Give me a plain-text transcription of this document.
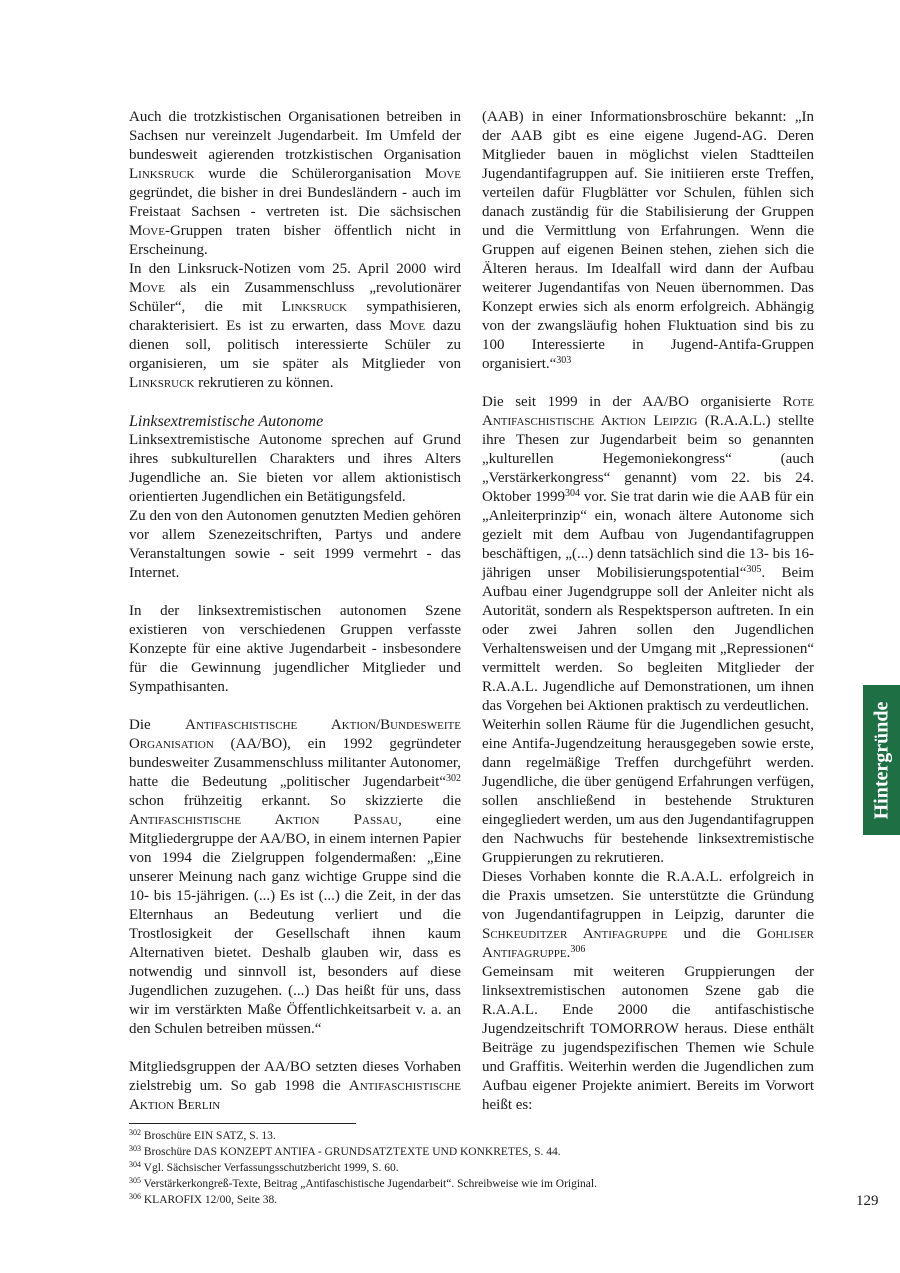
Auch die trotzkistischen Organisationen betreiben in Sachsen nur vereinzelt Jugendarbeit. Im Umfeld der bundesweit agierenden trotzkistischen Organisation Linksruck wurde die Schülerorganisation Move gegründet, die bisher in drei Bundesländern - auch im Freistaat Sachsen - vertreten ist. Die sächsischen Move-Gruppen traten bisher öffentlich nicht in Erscheinung.

In den Linksruck-Notizen vom 25. April 2000 wird Move als ein Zusammenschluss „revolutionärer Schüler“, die mit Linksruck sympathisieren, charakterisiert. Es ist zu erwarten, dass Move dazu dienen soll, politisch interessierte Schüler zu organisieren, um sie später als Mitglieder von Linksruck rekrutieren zu können.

Linksextremistische Autonome

Linksextremistische Autonome sprechen auf Grund ihres subkulturellen Charakters und ihres Alters Jugendliche an. Sie bieten vor allem aktionistisch orientierten Jugendlichen ein Betätigungsfeld.

Zu den von den Autonomen genutzten Medien gehören vor allem Szenezeitschriften, Partys und andere Veranstaltungen sowie - seit 1999 vermehrt - das Internet.

In der linksextremistischen autonomen Szene existieren von verschiedenen Gruppen verfasste Konzepte für eine aktive Jugendarbeit - insbesondere für die Gewinnung jugendlicher Mitglieder und Sympathisanten.

Die Antifaschistische Aktion/Bundesweite Organisation (AA/BO), ein 1992 gegründeter bundesweiter Zusammenschluss militanter Autonomer, hatte die Bedeutung „politischer Jugendarbeit“$^{302}$ schon frühzeitig erkannt. So skizzierte die Antifaschistische Aktion Passau, eine Mitgliedergruppe der AA/BO, in einem internen Papier von 1994 die Zielgruppen folgendermaßen: „Eine unserer Meinung nach ganz wichtige Gruppe sind die 10- bis 15-jährigen. (...) Es ist (...) die Zeit, in der das Elternhaus an Bedeutung verliert und die Trostlosigkeit der Gesellschaft ihnen kaum Alternativen bietet. Deshalb glauben wir, dass es notwendig und sinnvoll ist, besonders auf diese Jugendlichen zuzugehen. (...) Das heißt für uns, dass wir im verstärkten Maße Öffentlichkeitsarbeit v. a. an den Schulen betreiben müssen.“

Mitgliedsgruppen der AA/BO setzten dieses Vorhaben zielstrebig um. So gab 1998 die Antifaschistische Aktion Berlin

(AAB) in einer Informationsbroschüre bekannt: „In der AAB gibt es eine eigene Jugend-AG. Deren Mitglieder bauen in möglichst vielen Stadtteilen Jugendantifagruppen auf. Sie initiieren erste Treffen, verteilen dafür Flugblätter vor Schulen, fühlen sich danach zuständig für die Stabilisierung der Gruppen und die Vermittlung von Erfahrungen. Wenn die Gruppen auf eigenen Beinen stehen, ziehen sich die Älteren heraus. Im Idealfall wird dann der Aufbau weiterer Jugendantifas von Neuen übernommen. Das Konzept erwies sich als enorm erfolgreich. Abhängig von der zwangsläufig hohen Fluktuation sind bis zu 100 Interessierte in Jugend-Antifa-Gruppen organisiert.“$^{303}$

Die seit 1999 in der AA/BO organisierte Rote Antifaschistische Aktion Leipzig (R.A.A.L.) stellte ihre Thesen zur Jugendarbeit beim so genannten „kulturellen Hegemoniekongress“ (auch „Verstärkerkongress“ genannt) vom 22. bis 24. Oktober 1999$^{304}$ vor. Sie trat darin wie die AAB für ein „Anleiterprinzip“ ein, wonach ältere Autonome sich gezielt mit dem Aufbau von Jugendantifagruppen beschäftigen, „(...) denn tatsächlich sind die 13- bis 16-jährigen unser Mobilisierungspotential“$^{305}$. Beim Aufbau einer Jugendgruppe soll der Anleiter nicht als Autorität, sondern als Respektsperson auftreten. In ein oder zwei Jahren sollen den Jugendlichen Verhaltensweisen und der Umgang mit „Repressionen“ vermittelt werden. So begleiten Mitglieder der R.A.A.L. Jugendliche auf Demonstrationen, um ihnen das Vorgehen bei Aktionen praktisch zu verdeutlichen.

Weiterhin sollen Räume für die Jugendlichen gesucht, eine Antifa-Jugendzeitung herausgegeben sowie erste, dann regelmäßige Treffen durchgeführt werden. Jugendliche, die über genügend Erfahrungen verfügen, sollen anschließend in bestehende Strukturen eingegliedert werden, um aus den Jugendantifagruppen den Nachwuchs für bestehende linksextremistische Gruppierungen zu rekrutieren.

Dieses Vorhaben konnte die R.A.A.L. erfolgreich in die Praxis umsetzen. Sie unterstützte die Gründung von Jugendantifagruppen in Leipzig, darunter die Schkeuditzer Antifagruppe und die Gohliser Antifagruppe.$^{306}$

Gemeinsam mit weiteren Gruppierungen der linksextremistischen autonomen Szene gab die R.A.A.L. Ende 2000 die antifaschistische Jugendzeitschrift TOMORROW heraus. Diese enthält Beiträge zu jugendspezifischen Themen wie Schule und Graffitis. Weiterhin werden die Jugendlichen zum Aufbau eigener Projekte animiert. Bereits im Vorwort heißt es:

Hintergründe
$^{302}$ Broschüre EIN SATZ, S. 13.
$^{303}$ Broschüre DAS KONZEPT ANTIFA - GRUNDSATZTEXTE UND KONKRETES, S. 44.
$^{304}$ Vgl. Sächsischer Verfassungsschutzbericht 1999, S. 60.
$^{305}$ Verstärkerkongreß-Texte, Beitrag „Antifaschistische Jugendarbeit“. Schreibweise wie im Original.
$^{306}$ KLAROFIX 12/00, Seite 38.	129
